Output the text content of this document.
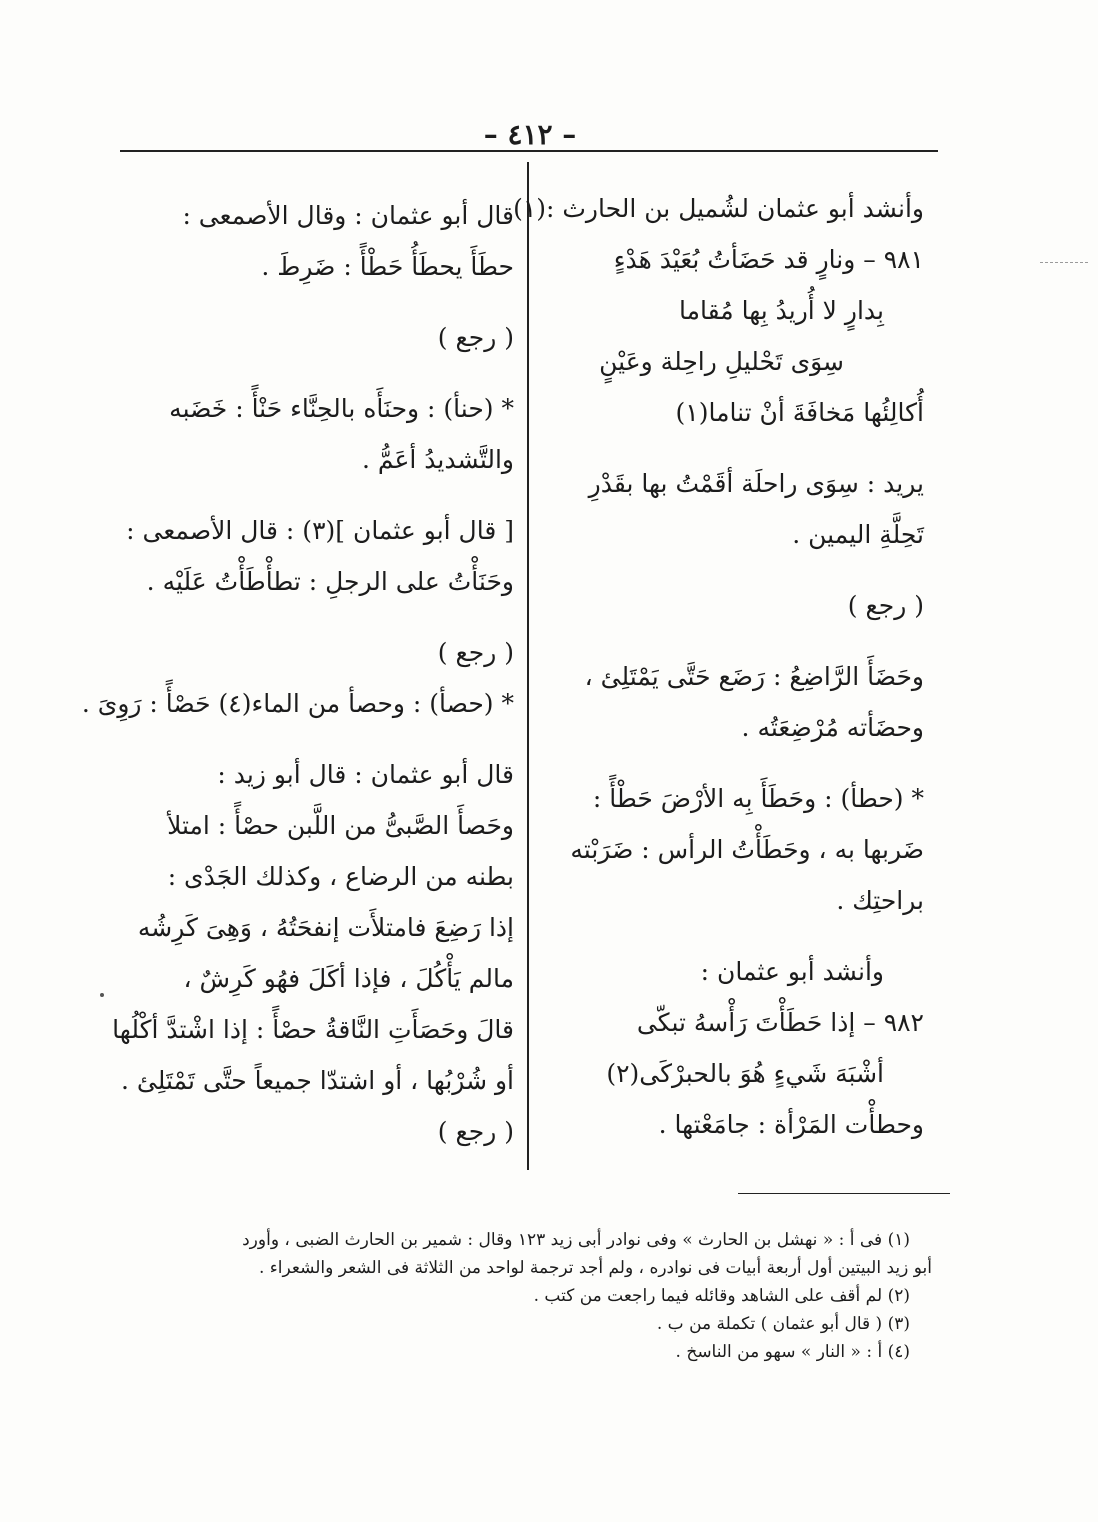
– ٤١٢ –
وأنشد أبو عثمان لشُميل بن الحارث :(١)
٩٨١ – ونارٍ قد حَضَأتُ بُعَيْدَ هَدْءٍ
بِدارٍ لا أُريدُ بِها مُقاما
سِوَى تَحْليلِ راحِلة وعَيْنٍ
أُكالِئُها مَخافَةَ أنْ تناما(١)
يريد : سِوَى راحلَة أقَمْتُ بها بقَدْرِ
تَحِلَّةِ اليمين .
( رجع )
وحَضَأَ الرَّاضِعُ : رَضَع حَتَّى يَمْتَلِئ ،
وحضَأته مُرْضِعَتُه .
* (حطأ) : وحَطَأَ بِه الأرْضَ حَطْأً :
ضَربها به ، وحَطَأْتُ الرأس : ضَرَبْته
براحتِك .
وأنشد أبو عثمان :
٩٨٢ – إذا حَطَأْتَ رَأْسهُ تبكّى
أشْبَهَ شَيءٍ هُوَ بالحبرْكَى(٢)
وحطأْت المَرْأة : جامَعْتها .
قال أبو عثمان : وقال الأصمعى :
حطَأَ يحطَأُ حَطْأً : ضَرِطَ .
( رجع )
* (حنأ) : وحنَأَه بالحِنَّاء حَنْأً : خَضَبه
والتَّشديدُ أعَمُّ .
[ قال أبو عثمان ](٣) : قال الأصمعى :
وحَنَأْتُ على الرجلِ : تطأْطَأْتُ عَلَيْه .
( رجع )
* (حصأ) : وحصأ من الماء(٤) حَصْأً : رَوِىَ .
قال أبو عثمان : قال أبو زيد :
وحَصأَ الصَّبىُّ من اللَّبن حصْأً : امتلأ
بطنه من الرضاع ، وكذلك الجَدْى :
إذا رَضِعَ فامتلأَت إنفحَتُهُ ، وَهِىَ كَرِشُه
مالم يَأْكُلَ ، فإذا أكَلَ فهُو كَرِشٌ ،
قالَ وحَصَأَتِ النَّاقةُ حصْأً : إذا اشْتدَّ أكْلُها
أو شُرْبُها ، أو اشتدّا جميعاً حتَّى تَمْتَلِئ .
( رجع )
(١) فى أ : « نهشل بن الحارث » وفى نوادر أبى زيد ١٢٣ وقال : شمير بن الحارث الضبى ، وأورد
أبو زيد البيتين أول أربعة أبيات فى نوادره ، ولم أجد ترجمة لواحد من الثلاثة فى الشعر والشعراء .
(٢) لم أقف على الشاهد وقائله فيما راجعت من كتب .
(٣) ( قال أبو عثمان ) تكملة من ب .
(٤) أ : « النار » سهو من الناسخ .
